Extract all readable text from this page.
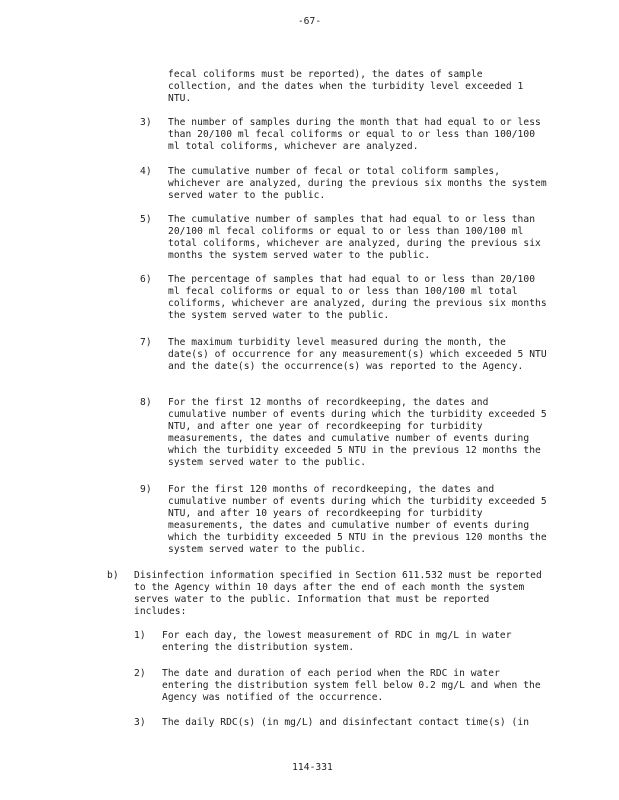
-67-

fecal coliforms must be reported), the dates of sample collection, and the dates when the turbidity level exceeded 1 NTU.

3) The number of samples during the month that had equal to or less than 20/100 ml fecal coliforms or equal to or less than 100/100 ml total coliforms, whichever are analyzed.

4) The cumulative number of fecal or total coliform samples, whichever are analyzed, during the previous six months the system served water to the public.

5) The cumulative number of samples that had equal to or less than 20/100 ml fecal coliforms or equal to or less than 100/100 ml total coliforms, whichever are analyzed, during the previous six months the system served water to the public.

6) The percentage of samples that had equal to or less than 20/100 ml fecal coliforms or equal to or less than 100/100 ml total coliforms, whichever are analyzed, during the previous six months the system served water to the public.

7) The maximum turbidity level measured during the month, the date(s) of occurrence for any measurement(s) which exceeded 5 NTU and the date(s) the occurrence(s) was reported to the Agency.

8) For the first 12 months of recordkeeping, the dates and cumulative number of events during which the turbidity exceeded 5 NTU, and after one year of recordkeeping for turbidity measurements, the dates and cumulative number of events during which the turbidity exceeded 5 NTU in the previous 12 months the system served water to the public.

9) For the first 120 months of recordkeeping, the dates and cumulative number of events during which the turbidity exceeded 5 NTU, and after 10 years of recordkeeping for turbidity measurements, the dates and cumulative number of events during which the turbidity exceeded 5 NTU in the previous 120 months the system served water to the public.

b) Disinfection information specified in Section 611.532 must be reported to the Agency within 10 days after the end of each month the system serves water to the public. Information that must be reported includes:

1) For each day, the lowest measurement of RDC in mg/L in water entering the distribution system.

2) The date and duration of each period when the RDC in water entering the distribution system fell below 0.2 mg/L and when the Agency was notified of the occurrence.

3) The daily RDC(s) (in mg/L) and disinfectant contact time(s) (in

114-331
